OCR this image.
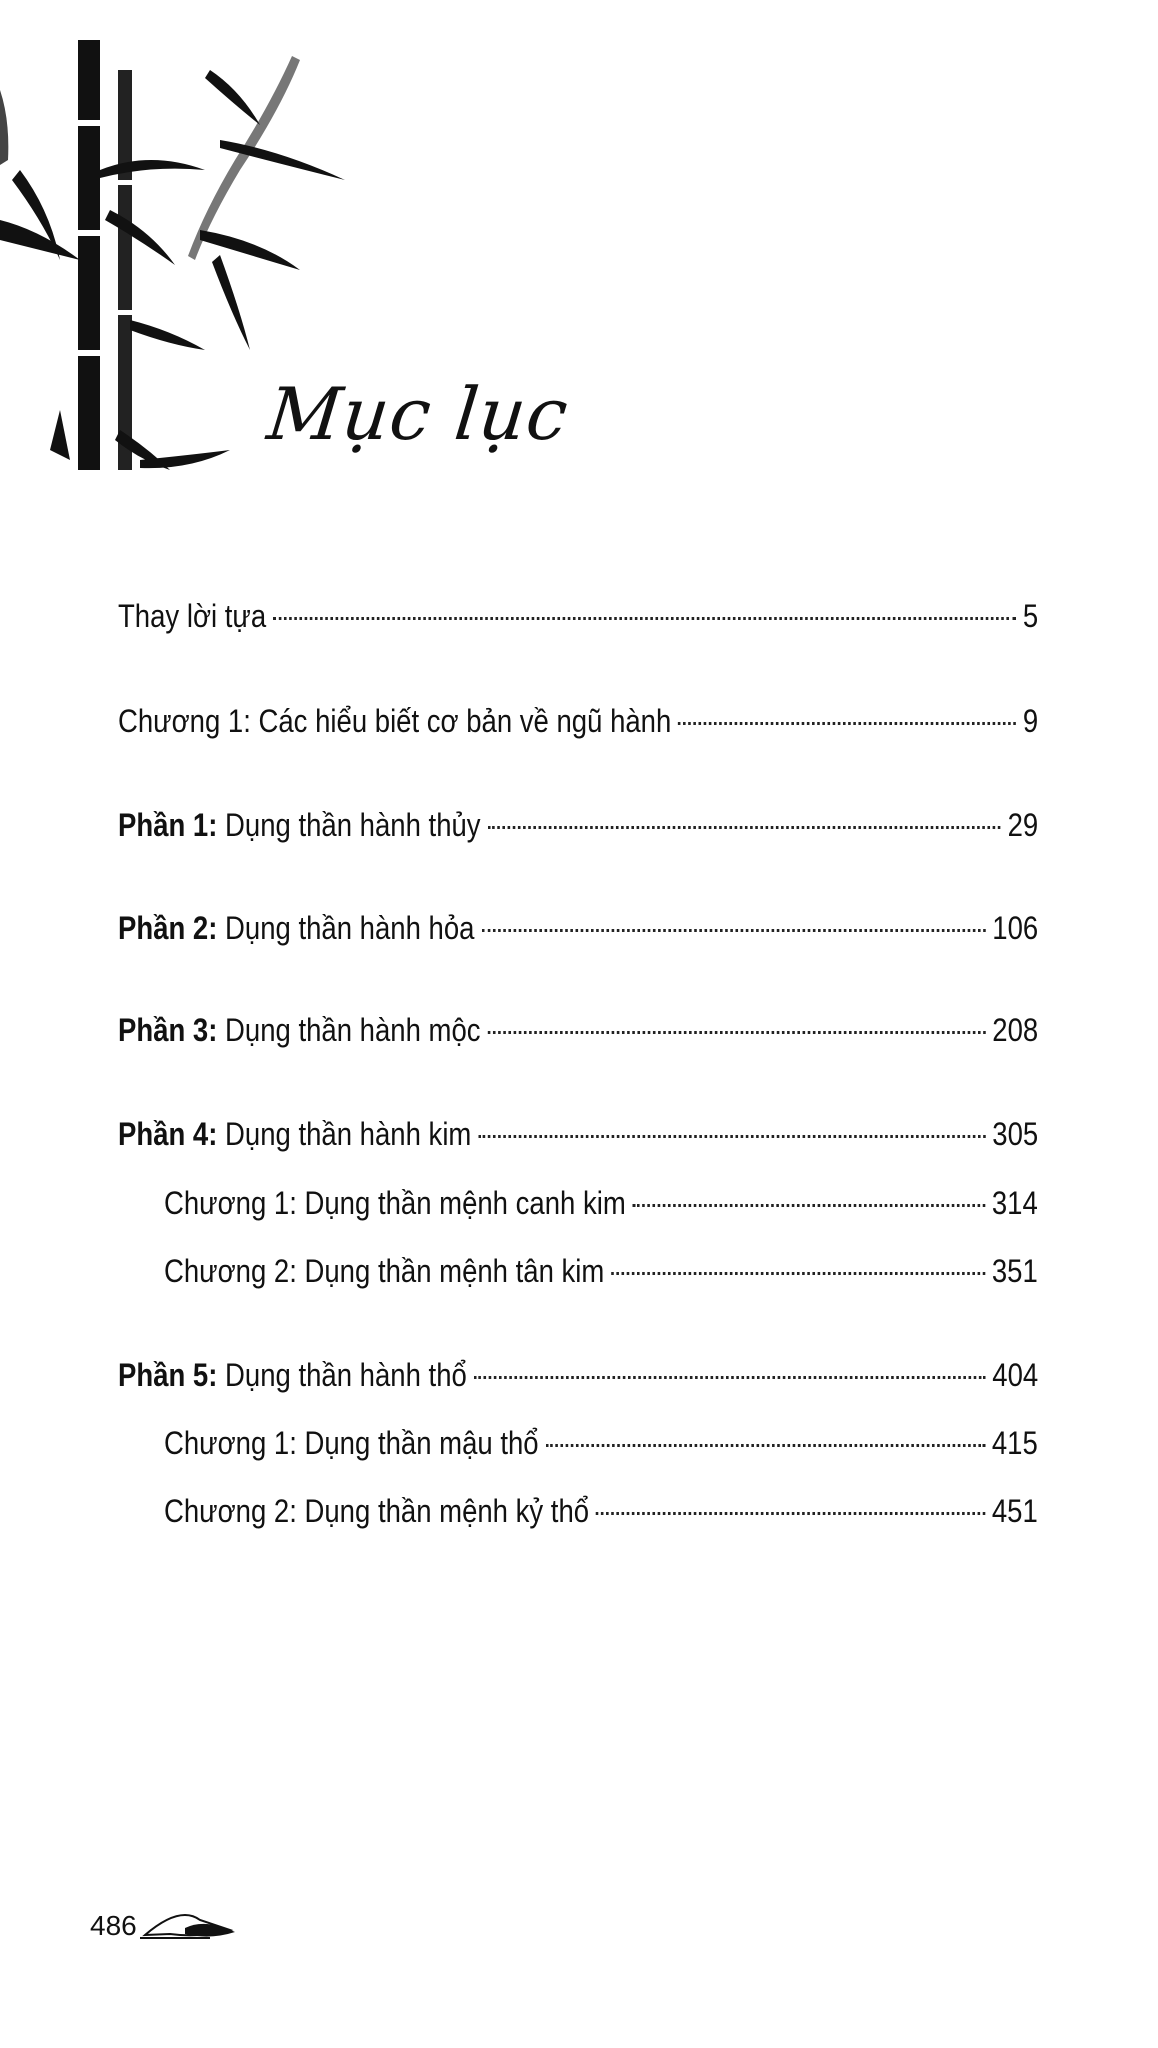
Mục lục
Thay lời tựa	5
Chương 1: Các hiểu biết cơ bản về ngũ hành	9
Phần 1: Dụng thần hành thủy	29
Phần 2: Dụng thần hành hỏa	106
Phần 3: Dụng thần hành mộc	208
Phần 4: Dụng thần hành kim	305
Chương 1: Dụng thần mệnh canh kim	314
Chương 2: Dụng thần mệnh tân kim	351
Phần 5: Dụng thần hành thổ	404
Chương 1: Dụng thần mậu thổ	415
Chương 2: Dụng thần mệnh kỷ thổ	451
486
